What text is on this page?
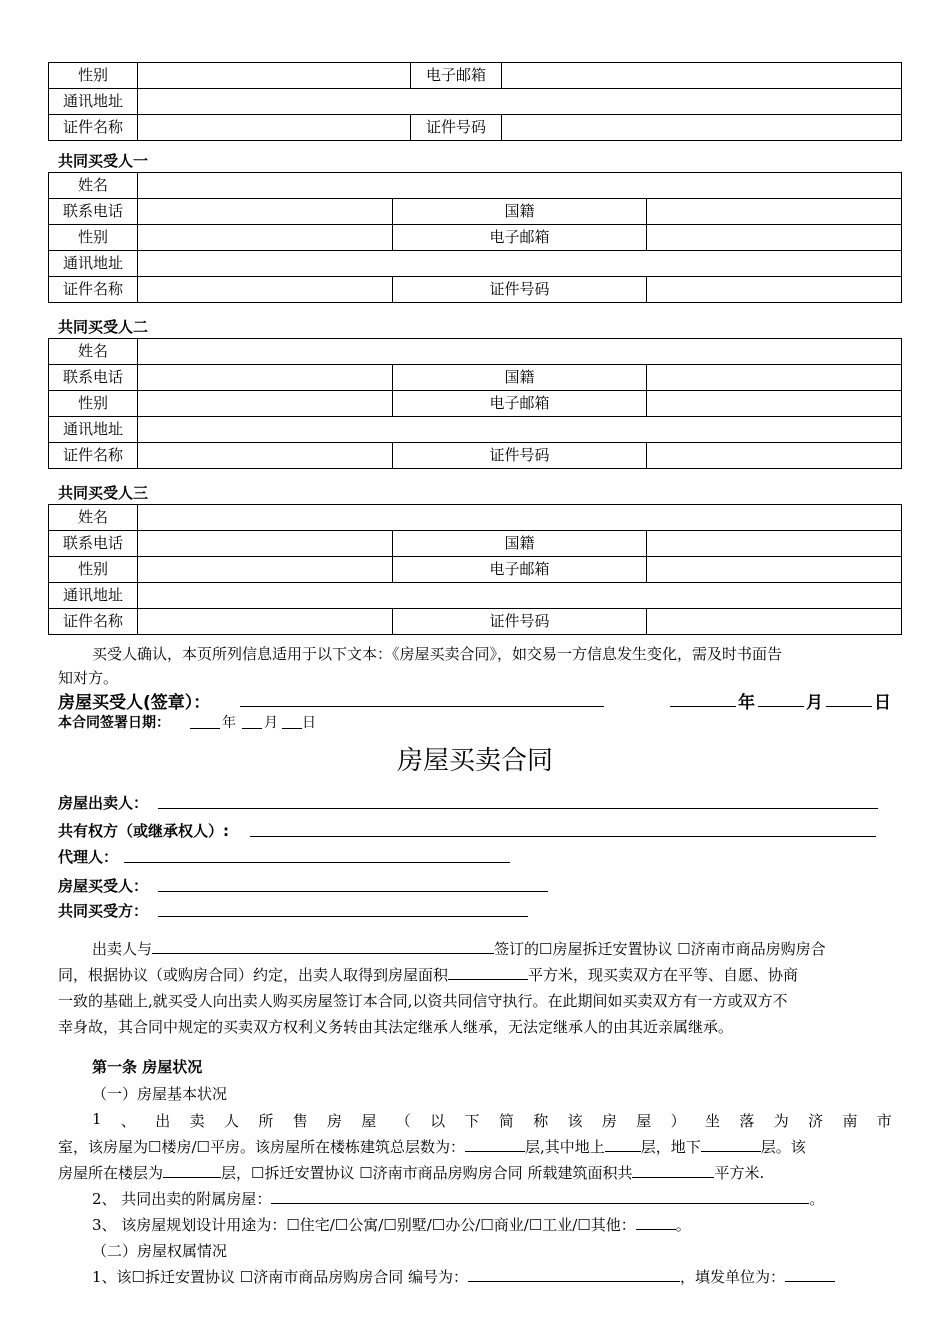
性别		电子邮箱	
通讯地址			
证件名称		证件号码	
共同买受人一
姓名			
联系电话		国籍	
性别		电子邮箱	
通讯地址			
证件名称		证件号码	
共同买受人二
姓名			
联系电话		国籍	
性别		电子邮箱	
通讯地址			
证件名称		证件号码	
共同买受人三
姓名			
联系电话		国籍	
性别		电子邮箱	
通讯地址			
证件名称		证件号码	
买受人确认，本页所列信息适用于以下文本：《房屋买卖合同》，如交易一方信息发生变化，需及时书面告
知对方。
房屋买受人(签章）：	年	月	日
本合同签署日期：	年 月 日
房屋买卖合同
房屋出卖人：
共有权方（或继承权人）:
代理人：
房屋买受人：
共同买受方：
出卖人与	签订的☐房屋拆迁安置协议 ☐济南市商品房购房合
同，根据协议（或购房合同）约定，出卖人取得到房屋面积	平方米，现买卖双方在平等、自愿、协商
一致的基础上,就买受人向出卖人购买房屋签订本合同,以资共同信守执行。在此期间如买卖双方有一方或双方不
幸身故，其合同中规定的买卖双方权利义务转由其法定继承人继承，无法定继承人的由其近亲属继承。
第一条 房屋状况
（一）房屋基本状况
1 、 出 卖 人 所 售 房 屋 （ 以 下 简 称 该 房 屋 ） 坐 落 为 济 南 市
室，该房屋为☐楼房/☐平房。该房屋所在楼栋建筑总层数为：	层,其中地上 层，地下	层。该
房屋所在楼层为	层，☐拆迁安置协议 ☐济南市商品房购房合同 所载建筑面积共	平方米.
2、 共同出卖的附属房屋：	。
3、 该房屋规划设计用途为：☐住宅/☐公寓/☐别墅/☐办公/☐商业/☐工业/☐其他：	。
（二）房屋权属情况
1、该☐拆迁安置协议 ☐济南市商品房购房合同 编号为：	，填发单位为：
